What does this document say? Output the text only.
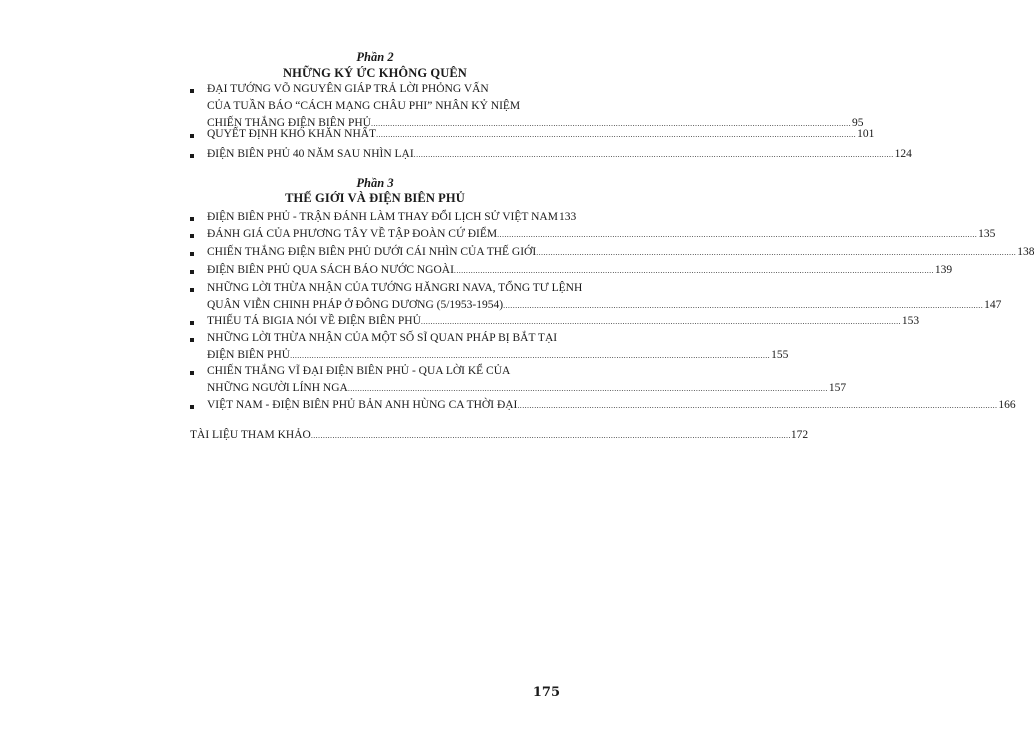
Phần 2
NHỮNG KÝ ỨC KHÔNG QUÊN
ĐẠI TƯỚNG VÕ NGUYÊN GIÁP TRẢ LỜI PHỎNG VẤN
CỦA TUẦN BÁO “CÁCH MẠNG CHÂU PHI” NHÂN KỶ NIỆM
CHIẾN THẮNG ĐIỆN BIÊN PHỦ .....	95
QUYẾT ĐỊNH KHÓ KHĂN NHẤT .....	101
ĐIỆN BIÊN PHỦ 40 NĂM SAU NHÌN LẠI .....	124
Phần 3
THẾ GIỚI VÀ ĐIỆN BIÊN PHỦ
ĐIỆN BIÊN PHỦ - TRẬN ĐÁNH LÀM THAY ĐỔI LỊCH SỬ VIỆT NAM 133
ĐÁNH GIÁ CỦA PHƯƠNG TÂY VỀ TẬP ĐOÀN CỨ ĐIỂM .....	135
CHIẾN THẮNG ĐIỆN BIÊN PHỦ DƯỚI CÁI NHÌN CỦA THẾ GIỚI .....	138
ĐIỆN BIÊN PHỦ QUA SÁCH BÁO NƯỚC NGOÀI .....	139
NHỮNG LỜI THỪA NHẬN CỦA TƯỚNG HĂNGRI NAVA, TỔNG TƯ LỆNH
QUÂN VIỄN CHINH PHÁP Ở ĐÔNG DƯƠNG (5/1953-1954) .....	147
THIẾU TÁ BIGIA NÓI VỀ ĐIỆN BIÊN PHỦ .....	153
NHỮNG LỜI THỪA NHẬN CỦA MỘT SỐ SĨ QUAN PHÁP BỊ BẮT TẠI
ĐIỆN BIÊN PHỦ .....	155
CHIẾN THẮNG VĨ ĐẠI ĐIỆN BIÊN PHỦ - QUA LỜI KỂ CỦA
NHỮNG NGƯỜI LÍNH NGA .....	157
VIỆT NAM - ĐIỆN BIÊN PHỦ BẢN ANH HÙNG CA THỜI ĐẠI .....	166
TÀI LIỆU THAM KHẢO .....	172
175
